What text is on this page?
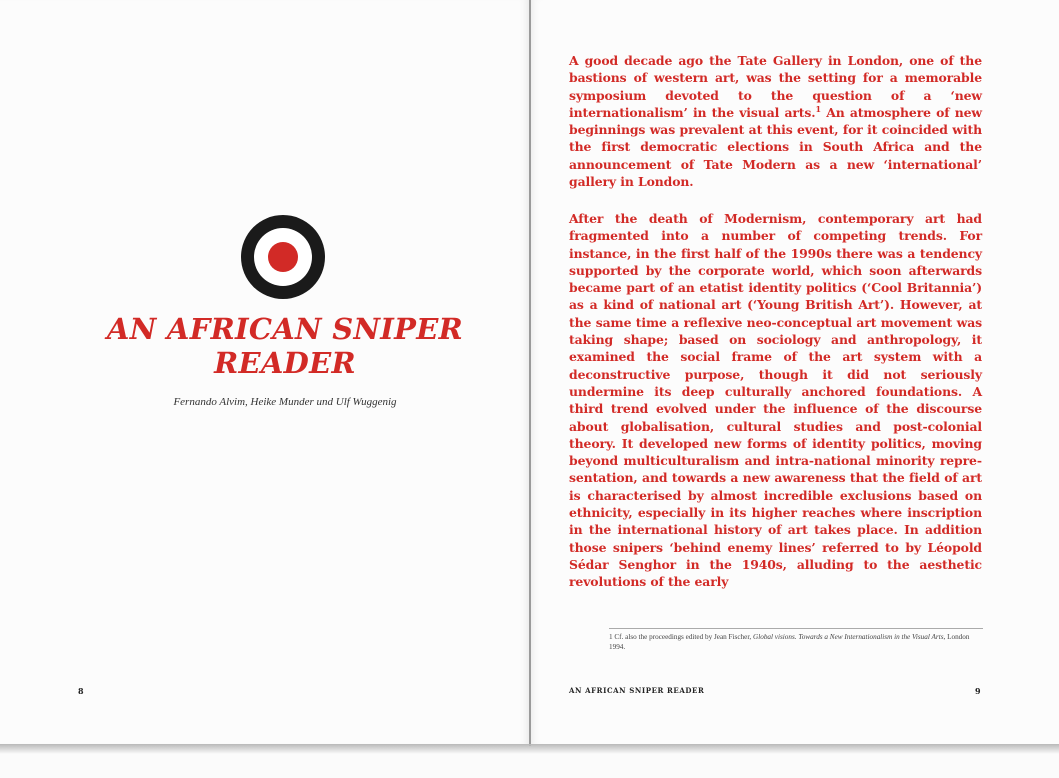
AN AFRICAN SNIPER
READER
Fernando Alvim, Heike Munder und Ulf Wuggenig
8

A good decade ago the Tate Gallery in London, one of the bastions of western art, was the setting for a memorable symposium devoted to the question of a ‘new internationalism’ in the visual arts.$^1$ An atmosphere of new beginnings was prevalent at this event, for it coincided with the first democratic elections in South Africa and the announcement of Tate Modern as a new ‘international’ gallery in London.

After the death of Modernism, contemporary art had fragmented into a number of competing trends. For instance, in the first half of the 1990s there was a tendency supported by the corporate world, which soon afterwards became part of an etatist identity politics (‘Cool Britannia’) as a kind of national art (‘Young British Art’). However, at the same time a reflexive neo-conceptual art movement was taking shape; based on sociology and anthropology, it examined the social frame of the art system with a deconstructive purpose, though it did not seriously undermine its deep culturally anchored foundations. A third trend evolved under the influence of the discourse about globalisation, cultural studies and post-colonial theory. It developed new forms of identity politics, moving beyond multiculturalism and intra-national minority representation, and towards a new awareness that the field of art is characterised by almost incredible exclusions based on ethnicity, especially in its higher reaches where inscription in the international history of art takes place. In addition those snipers ‘behind enemy lines’ referred to by Léopold Sédar Senghor in the 1940s, alluding to the aesthetic revolutions of the early

1 Cf. also the proceedings edited by Jean Fischer, Global visions. Towards a New Internationalism in the Visual Arts, London 1994.

AN AFRICAN SNIPER READER	9
